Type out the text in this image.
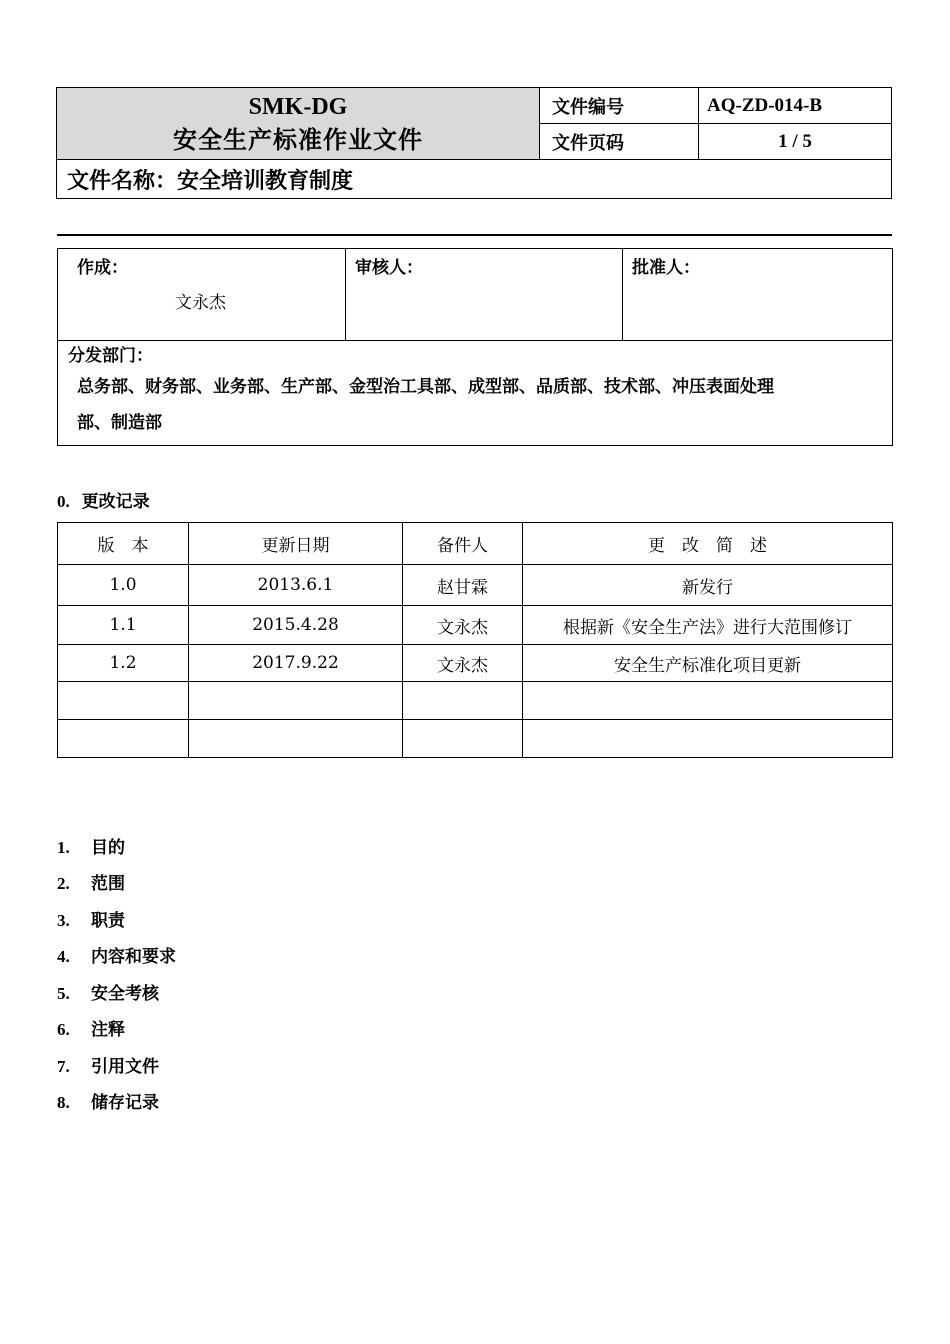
SMK-DG
安全生产标准作业文件	文件编号	AQ-ZD-014-B
	文件页码	1 / 5
文件名称：安全培训教育制度		
作成：
文永杰

审核人：	批准人：

分发部门：
总务部、财务部、业务部、生产部、金型治工具部、成型部、品质部、技术部、冲压表面处理
部、制造部
0. 更改记录
版　本	更新日期	备件人	更　改　简　述
1.0	2013.6.1	赵甘霖	新发行
1.1	2015.4.28	文永杰	根据新《安全生产法》进行大范围修订
1.2	2017.9.22	文永杰	安全生产标准化项目更新

1. 目的
2. 范围
3. 职责
4. 内容和要求
5. 安全考核
6. 注释
7. 引用文件
8. 储存记录
